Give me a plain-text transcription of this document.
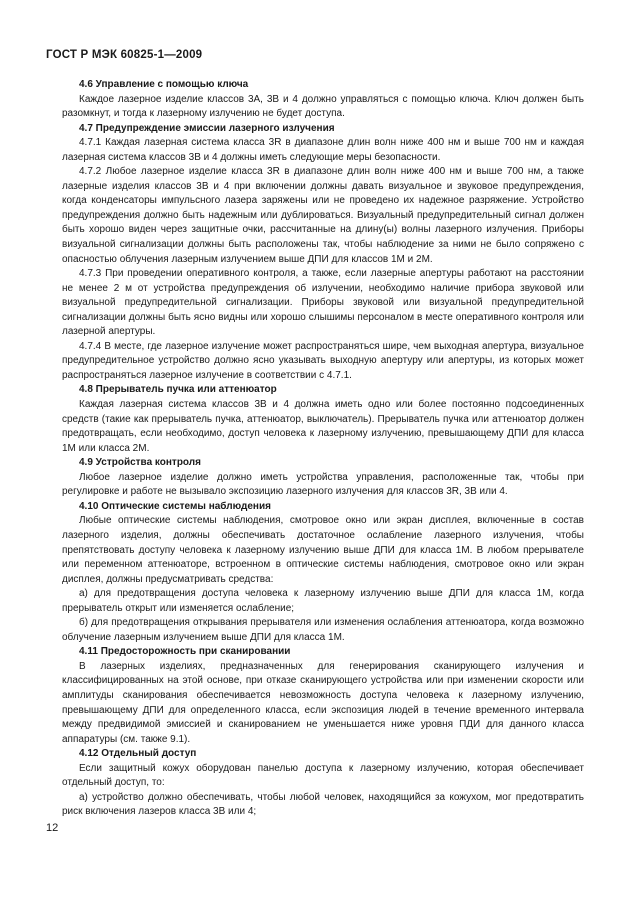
ГОСТ Р МЭК 60825-1—2009
4.6 Управление с помощью ключа

Каждое лазерное изделие классов 3А, 3В и 4 должно управляться с помощью ключа. Ключ должен быть разомкнут, и тогда к лазерному излучению не будет доступа.

4.7 Предупреждение эмиссии лазерного излучения

4.7.1 Каждая лазерная система класса 3R в диапазоне длин волн ниже 400 нм и выше 700 нм и каждая лазерная система классов 3В и 4 должны иметь следующие меры безопасности.

4.7.2 Любое лазерное изделие класса 3R в диапазоне длин волн ниже 400 нм и выше 700 нм, а также лазерные изделия классов 3В и 4 при включении должны давать визуальное и звуковое предупреждения, когда конденсаторы импульсного лазера заряжены или не проведено их надежное разряжение. Устройство предупреждения должно быть надежным или дублироваться. Визуальный предупредительный сигнал должен быть хорошо виден через защитные очки, рассчитанные на длину(ы) волны лазерного излучения. Приборы визуальной сигнализации должны быть расположены так, чтобы наблюдение за ними не было сопряжено с опасностью облучения лазерным излучением выше ДПИ для классов 1М и 2М.

4.7.3 При проведении оперативного контроля, а также, если лазерные апертуры работают на расстоянии не менее 2 м от устройства предупреждения об излучении, необходимо наличие прибора звуковой или визуальной предупредительной сигнализации. Приборы звуковой или визуальной предупредительной сигнализации должны быть ясно видны или хорошо слышимы персоналом в месте оперативного контроля или лазерной апертуры.

4.7.4 В месте, где лазерное излучение может распространяться шире, чем выходная апертура, визуальное предупредительное устройство должно ясно указывать выходную апертуру или апертуры, из которых может распространяться лазерное излучение в соответствии с 4.7.1.

4.8 Прерыватель пучка или аттенюатор

Каждая лазерная система классов 3В и 4 должна иметь одно или более постоянно подсоединенных средств (такие как прерыватель пучка, аттенюатор, выключатель). Прерыватель пучка или аттенюатор должен предотвращать, если необходимо, доступ человека к лазерному излучению, превышающему ДПИ для класса 1М или класса 2М.

4.9 Устройства контроля

Любое лазерное изделие должно иметь устройства управления, расположенные так, чтобы при регулировке и работе не вызывало экспозицию лазерного излучения для классов 3R, 3В или 4.

4.10 Оптические системы наблюдения

Любые оптические системы наблюдения, смотровое окно или экран дисплея, включенные в состав лазерного изделия, должны обеспечивать достаточное ослабление лазерного излучения, чтобы препятствовать доступу человека к лазерному излучению выше ДПИ для класса 1М. В любом прерывателе или переменном аттенюаторе, встроенном в оптические системы наблюдения, смотровое окно или экран дисплея, должны предусматривать средства:

а) для предотвращения доступа человека к лазерному излучению выше ДПИ для класса 1М, когда прерыватель открыт или изменяется ослабление;

б) для предотвращения открывания прерывателя или изменения ослабления аттенюатора, когда возможно облучение лазерным излучением выше ДПИ для класса 1М.

4.11 Предосторожность при сканировании

В лазерных изделиях, предназначенных для генерирования сканирующего излучения и классифицированных на этой основе, при отказе сканирующего устройства или при изменении скорости или амплитуды сканирования обеспечивается невозможность доступа человека к лазерному излучению, превышающему ДПИ для определенного класса, если экспозиция людей в течение временного интервала между предвидимой эмиссией и сканированием не уменьшается ниже уровня ПДИ для данного класса аппаратуры (см. также 9.1).

4.12 Отдельный доступ

Если защитный кожух оборудован панелью доступа к лазерному излучению, которая обеспечивает отдельный доступ, то:

а) устройство должно обеспечивать, чтобы любой человек, находящийся за кожухом, мог предотвратить риск включения лазеров класса 3В или 4;

12
